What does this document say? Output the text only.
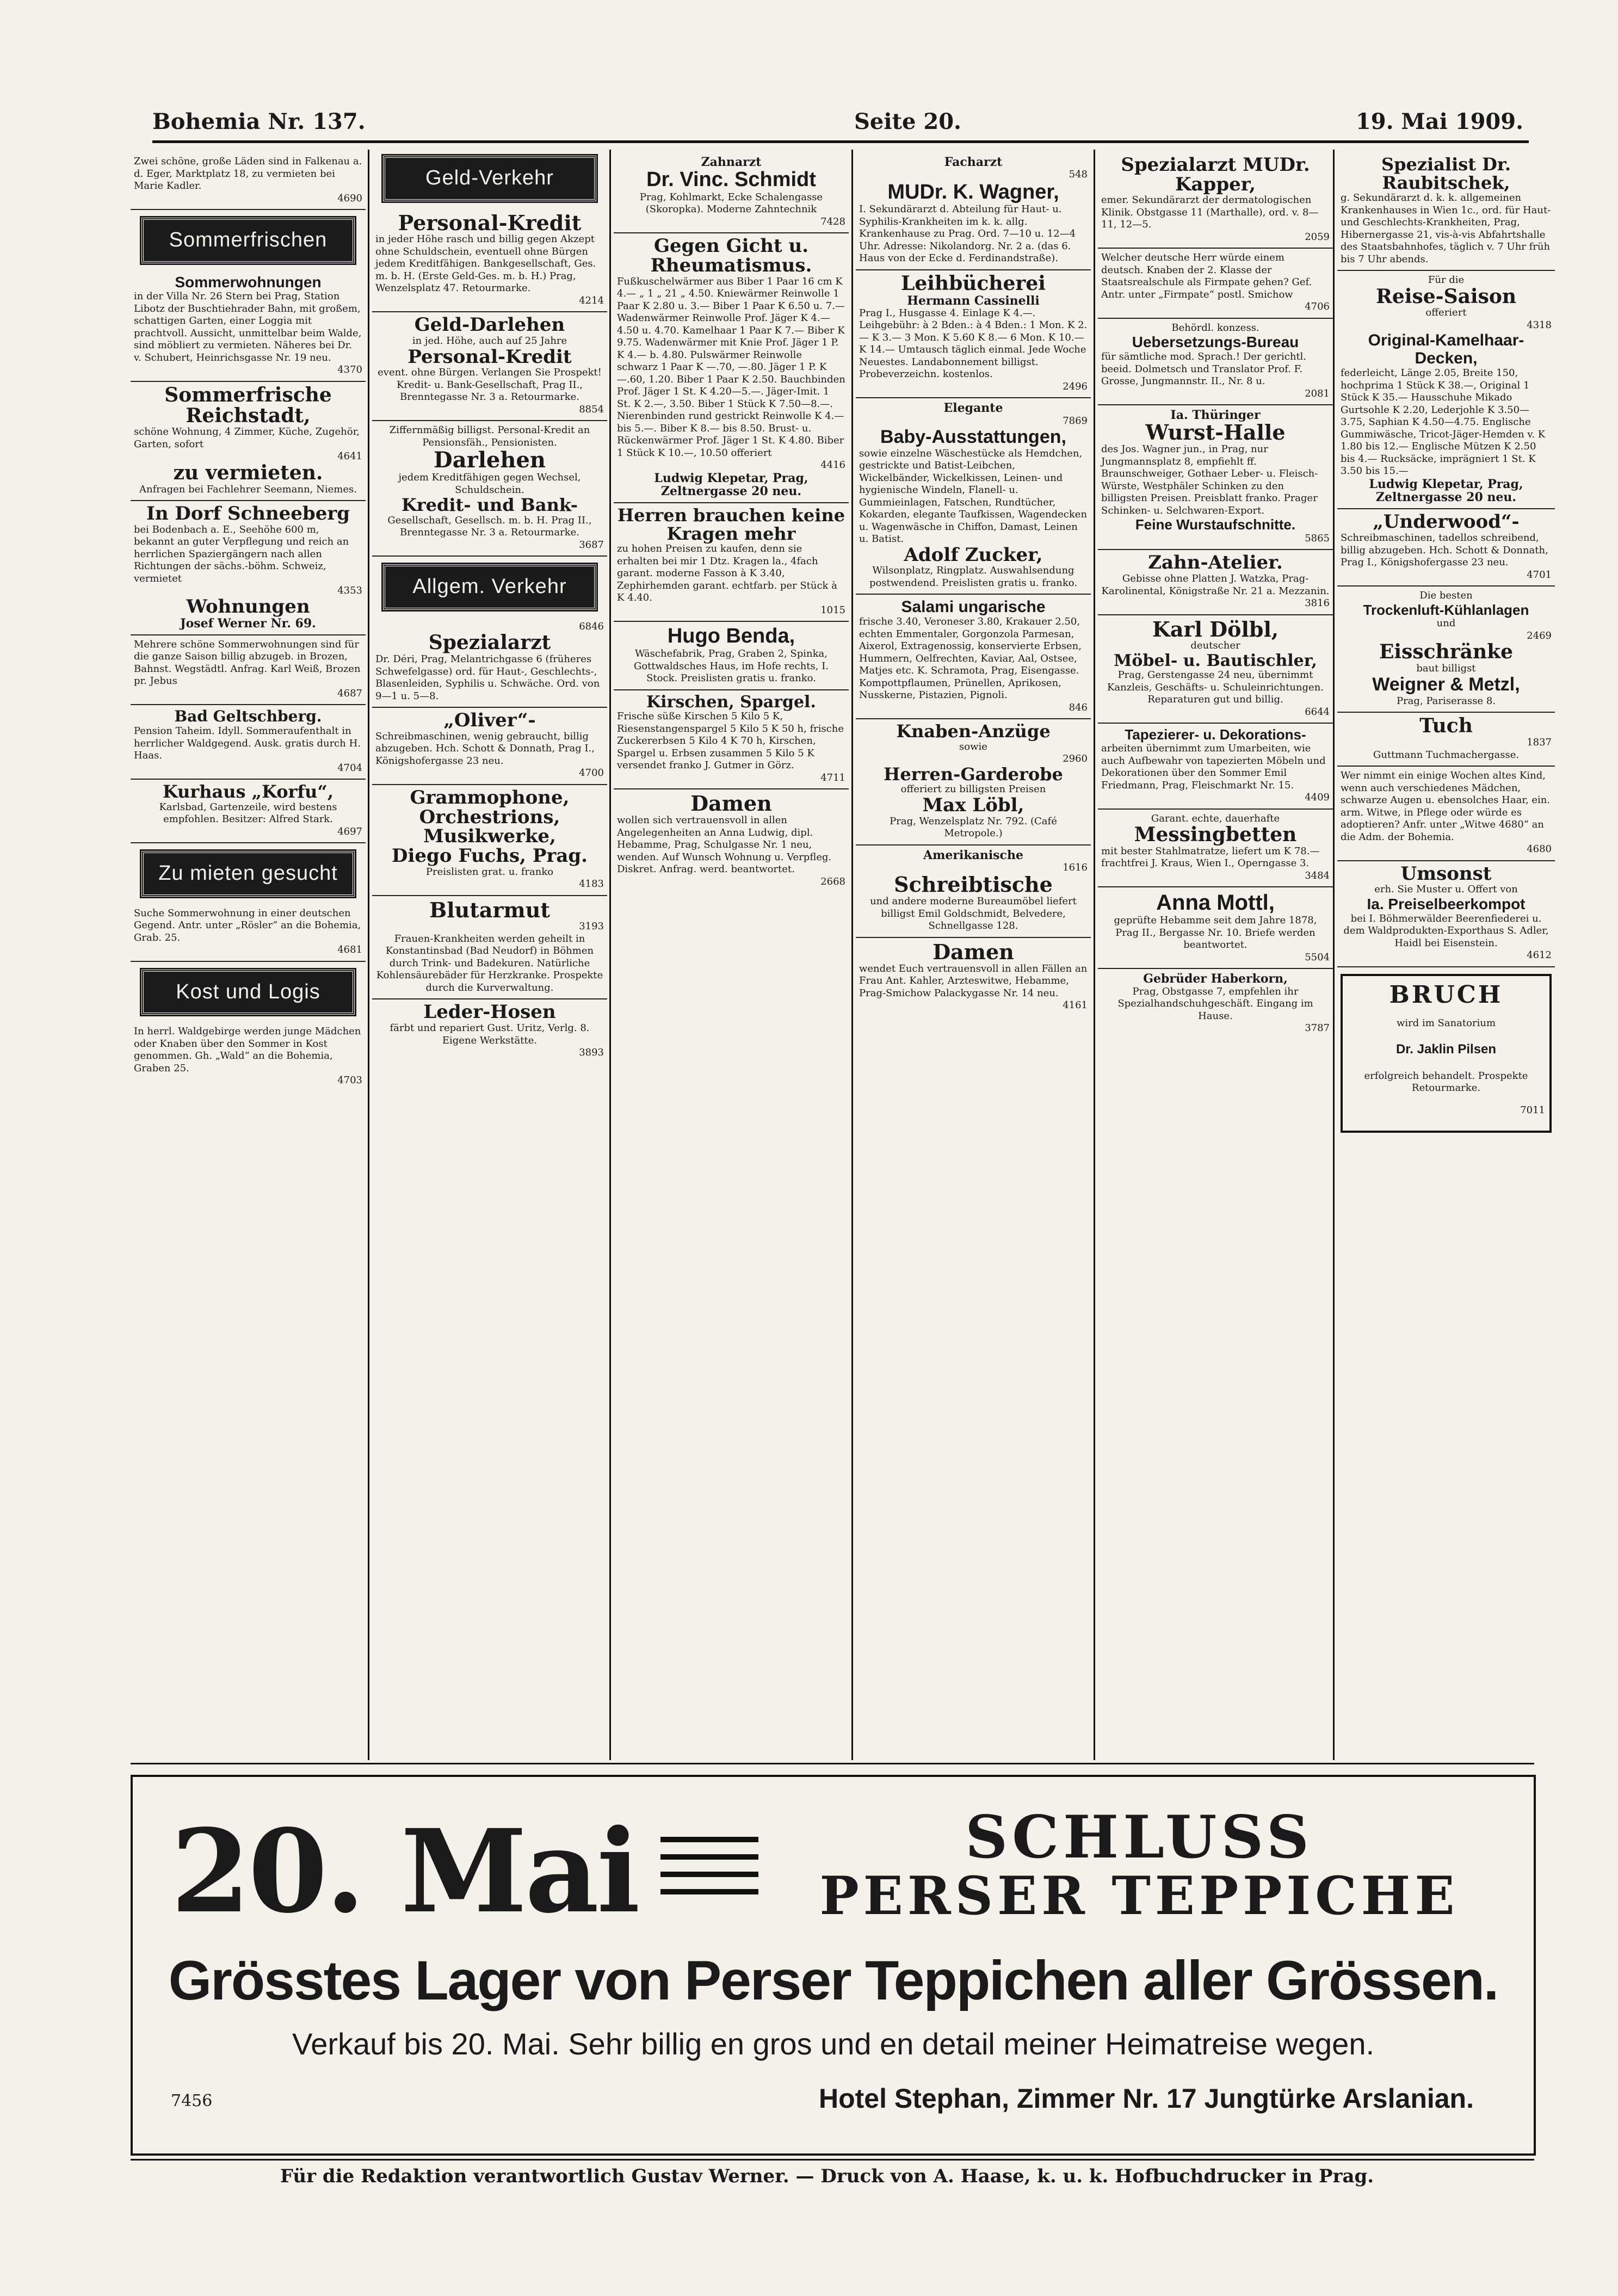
Bohemia Nr. 137.	Seite 20.	19. Mai 1909.

Zwei schöne, große Läden sind in Falkenau a. d. Eger, Marktplatz 18, zu vermieten bei Marie Kadler.

4690

Sommerfrischen

Sommerwohnungen

in der Villa Nr. 26 Stern bei Prag, Station Libotz der Buschtiehrader Bahn, mit großem, schattigen Garten, einer Loggia mit prachtvoll. Aussicht, unmittelbar beim Walde, sind möbliert zu vermieten. Näheres bei Dr. v. Schubert, Heinrichsgasse Nr. 19 neu.

4370

Sommerfrische Reichstadt,

schöne Wohnung, 4 Zimmer, Küche, Zugehör, Garten, sofort

4641

zu vermieten.

Anfragen bei Fachlehrer Seemann, Niemes.

In Dorf Schneeberg

bei Bodenbach a. E., Seehöhe 600 m, bekannt an guter Verpflegung und reich an herrlichen Spaziergängern nach allen Richtungen der sächs.-böhm. Schweiz, vermietet

4353

Wohnungen

Josef Werner Nr. 69.

Mehrere schöne Sommerwohnungen sind für die ganze Saison billig abzugeb. in Brozen, Bahnst. Wegstädtl. Anfrag. Karl Weiß, Brozen pr. Jebus

4687

Bad Geltschberg.

Pension Taheim. Idyll. Sommeraufenthalt in herrlicher Waldgegend. Ausk. gratis durch H. Haas.

4704

Kurhaus „Korfu“,

Karlsbad, Gartenzeile, wird bestens empfohlen. Besitzer: Alfred Stark.

4697

Zu mieten gesucht

Suche Sommerwohnung in einer deutschen Gegend. Antr. unter „Rösler“ an die Bohemia, Grab. 25.

4681

Kost und Logis

In herrl. Waldgebirge werden junge Mädchen oder Knaben über den Sommer in Kost genommen. Gh. „Wald“ an die Bohemia, Graben 25.

4703

Geld-Verkehr

Personal-Kredit

in jeder Höhe rasch und billig gegen Akzept ohne Schuldschein, eventuell ohne Bürgen jedem Kreditfähigen. Bankgesellschaft, Ges. m. b. H. (Erste Geld-Ges. m. b. H.) Prag, Wenzelsplatz 47. Retourmarke.

4214

Geld-Darlehen

in jed. Höhe, auch auf 25 Jahre

Personal-Kredit

event. ohne Bürgen. Verlangen Sie Prospekt! Kredit- u. Bank-Gesellschaft, Prag II., Brenntegasse Nr. 3 a. Retourmarke.

8854

Ziffernmäßig billigst. Personal-Kredit an Pensionsfäh., Pensionisten.

Darlehen

jedem Kreditfähigen gegen Wechsel, Schuldschein.

Kredit- und Bank-

Gesellschaft, Gesellsch. m. b. H. Prag II., Brenntegasse Nr. 3 a. Retourmarke.

3687

Allgem. Verkehr

6846

Spezialarzt

Dr. Déri, Prag, Melantrichgasse 6 (früheres Schwefelgasse) ord. für Haut-, Geschlechts-, Blasenleiden, Syphilis u. Schwäche. Ord. von 9—1 u. 5—8.

„Oliver“-

Schreibmaschinen, wenig gebraucht, billig abzugeben. Hch. Schott & Donnath, Prag I., Königshofergasse 23 neu.

4700

Grammophone, Orchestrions, Musikwerke,

Diego Fuchs, Prag.

Preislisten grat. u. franko

4183

Blutarmut

3193

Frauen-Krankheiten werden geheilt in Konstantinsbad (Bad Neudorf) in Böhmen durch Trink- und Badekuren. Natürliche Kohlensäurebäder für Herzkranke. Prospekte durch die Kurverwaltung.

Leder-Hosen

färbt und repariert Gust. Uritz, Verlg. 8. Eigene Werkstätte.

3893

Zahnarzt

Dr. Vinc. Schmidt

Prag, Kohlmarkt, Ecke Schalengasse (Skoropka). Moderne Zahntechnik

7428

Gegen Gicht u. Rheumatismus.

Fußkuschelwärmer aus Biber 1 Paar 16 cm K 4.— „ 1 „ 21 „ 4.50. Kniewärmer Reinwolle 1 Paar K 2.80 u. 3.— Biber 1 Paar K 6.50 u. 7.— Wadenwärmer Reinwolle Prof. Jäger K 4.— 4.50 u. 4.70. Kamelhaar 1 Paar K 7.— Biber K 9.75. Wadenwärmer mit Knie Prof. Jäger 1 P. K 4.— b. 4.80. Pulswärmer Reinwolle schwarz 1 Paar K —.70, —.80. Jäger 1 P. K —.60, 1.20. Biber 1 Paar K 2.50. Bauchbinden Prof. Jäger 1 St. K 4.20—5.—. Jäger-Imit. 1 St. K 2.—, 3.50. Biber 1 Stück K 7.50—8.—. Nierenbinden rund gestrickt Reinwolle K 4.— bis 5.—. Biber K 8.— bis 8.50. Brust- u. Rückenwärmer Prof. Jäger 1 St. K 4.80. Biber 1 Stück K 10.—, 10.50 offeriert

4416

Ludwig Klepetar, Prag, Zeltnergasse 20 neu.

Herren brauchen keine Kragen mehr

zu hohen Preisen zu kaufen, denn sie erhalten bei mir 1 Dtz. Kragen la., 4fach garant. moderne Fasson à K 3.40, Zephirhemden garant. echtfarb. per Stück à K 4.40.

1015

Hugo Benda,

Wäschefabrik, Prag, Graben 2, Spinka, Gottwaldsches Haus, im Hofe rechts, I. Stock. Preislisten gratis u. franko.

Kirschen, Spargel.

Frische süße Kirschen 5 Kilo 5 K, Riesenstangenspargel 5 Kilo 5 K 50 h, frische Zuckererbsen 5 Kilo 4 K 70 h, Kirschen, Spargel u. Erbsen zusammen 5 Kilo 5 K versendet franko J. Gutmer in Görz.

4711

Damen

wollen sich vertrauensvoll in allen Angelegenheiten an Anna Ludwig, dipl. Hebamme, Prag, Schulgasse Nr. 1 neu, wenden. Auf Wunsch Wohnung u. Verpfleg. Diskret. Anfrag. werd. beantwortet.

2668

Facharzt

548

MUDr. K. Wagner,

I. Sekundärarzt d. Abteilung für Haut- u. Syphilis-Krankheiten im k. k. allg. Krankenhause zu Prag. Ord. 7—10 u. 12—4 Uhr. Adresse: Nikolandorg. Nr. 2 a. (das 6. Haus von der Ecke d. Ferdinandstraße).

Leihbücherei

Hermann Cassinelli

Prag I., Husgasse 4. Einlage K 4.—. Leihgebühr: à 2 Bden.: à 4 Bden.: 1 Mon. K 2.— K 3.— 3 Mon. K 5.60 K 8.— 6 Mon. K 10.— K 14.— Umtausch täglich einmal. Jede Woche Neuestes. Landabonnement billigst. Probeverzeichn. kostenlos.

2496

Elegante

7869

Baby-Ausstattungen,

sowie einzelne Wäschestücke als Hemdchen, gestrickte und Batist-Leibchen, Wickelbänder, Wickelkissen, Leinen- und hygienische Windeln, Flanell- u. Gummieinlagen, Fatschen, Rundtücher, Kokarden, elegante Taufkissen, Wagendecken u. Wagenwäsche in Chiffon, Damast, Leinen u. Batist.

Adolf Zucker,

Wilsonplatz, Ringplatz. Auswahlsendung postwendend. Preislisten gratis u. franko.

Salami ungarische

frische 3.40, Veroneser 3.80, Krakauer 2.50, echten Emmentaler, Gorgonzola Parmesan, Aixerol, Extragenossig, konservierte Erbsen, Hummern, Oelfrechten, Kaviar, Aal, Ostsee, Matjes etc. K. Schramota, Prag, Eisengasse. Kompottpflaumen, Prünellen, Aprikosen, Nusskerne, Pistazien, Pignoli.

846

Knaben-Anzüge

sowie

2960

Herren-Garderobe

offeriert zu billigsten Preisen

Max Löbl,

Prag, Wenzelsplatz Nr. 792. (Café Metropole.)

Amerikanische

1616

Schreibtische

und andere moderne Bureaumöbel liefert billigst Emil Goldschmidt, Belvedere, Schnellgasse 128.

Damen

wendet Euch vertrauensvoll in allen Fällen an Frau Ant. Kahler, Arzteswitwe, Hebamme, Prag-Smichow Palackygasse Nr. 14 neu.

4161

Spezialarzt MUDr. Kapper,

emer. Sekundärarzt der dermatologischen Klinik. Obstgasse 11 (Marthalle), ord. v. 8—11, 12—5.

2059

Welcher deutsche Herr würde einem deutsch. Knaben der 2. Klasse der Staatsrealschule als Firmpate gehen? Gef. Antr. unter „Firmpate“ postl. Smichow

4706

Behördl. konzess.

Uebersetzungs-Bureau

für sämtliche mod. Sprach.! Der gerichtl. beeid. Dolmetsch und Translator Prof. F. Grosse, Jungmannstr. II., Nr. 8 u.

2081

Ia. Thüringer

Wurst-Halle

des Jos. Wagner jun., in Prag, nur Jungmannsplatz 8, empfiehlt ff. Braunschweiger, Gothaer Leber- u. Fleisch-Würste, Westphäler Schinken zu den billigsten Preisen. Preisblatt franko. Prager Schinken- u. Selchwaren-Export.

Feine Wurstaufschnitte.

5865

Zahn-Atelier.

Gebisse ohne Platten J. Watzka, Prag-Karolinental, Königstraße Nr. 21 a. Mezzanin.

3816

Karl Dölbl,

deutscher

Möbel- u. Bautischler,

Prag, Gerstengasse 24 neu, übernimmt Kanzleis, Geschäfts- u. Schuleinrichtungen. Reparaturen gut und billig.

6644

Tapezierer- u. Dekorations-

arbeiten übernimmt zum Umarbeiten, wie auch Aufbewahr von tapezierten Möbeln und Dekorationen über den Sommer Emil Friedmann, Prag, Fleischmarkt Nr. 15.

4409

Garant. echte, dauerhafte

Messingbetten

mit bester Stahlmatratze, liefert um K 78.— frachtfrei J. Kraus, Wien I., Operngasse 3.

3484

Anna Mottl,

geprüfte Hebamme seit dem Jahre 1878, Prag II., Bergasse Nr. 10. Briefe werden beantwortet.

5504

Gebrüder Haberkorn,

Prag, Obstgasse 7, empfehlen ihr Spezialhandschuhgeschäft. Eingang im Hause.

3787

Spezialist Dr. Raubitschek,

g. Sekundärarzt d. k. k. allgemeinen Krankenhauses in Wien 1c., ord. für Haut- und Geschlechts-Krankheiten, Prag, Hibernergasse 21, vis-à-vis Abfahrtshalle des Staatsbahnhofes, täglich v. 7 Uhr früh bis 7 Uhr abends.

Für die

Reise-Saison

offeriert

4318

Original-Kamelhaar-Decken,

federleicht, Länge 2.05, Breite 150, hochprima 1 Stück K 38.—, Original 1 Stück K 35.— Hausschuhe Mikado Gurtsohle K 2.20, Lederjohle K 3.50—3.75, Saphian K 4.50—4.75. Englische Gummiwäsche, Tricot-Jäger-Hemden v. K 1.80 bis 12.— Englische Mützen K 2.50 bis 4.— Rucksäcke, imprägniert 1 St. K 3.50 bis 15.—

Ludwig Klepetar, Prag, Zeltnergasse 20 neu.

„Underwood“-

Schreibmaschinen, tadellos schreibend, billig abzugeben. Hch. Schott & Donnath, Prag I., Königshofergasse 23 neu.

4701

Die besten

Trockenluft-Kühlanlagen

und

2469

Eisschränke

baut billigst

Weigner & Metzl,

Prag, Pariserasse 8.

Tuch

1837

Guttmann Tuchmachergasse.

Wer nimmt ein einige Wochen altes Kind, wenn auch verschiedenes Mädchen, schwarze Augen u. ebensolches Haar, ein. arm. Witwe, in Pflege oder würde es adoptieren? Anfr. unter „Witwe 4680“ an die Adm. der Bohemia.

4680

Umsonst

erh. Sie Muster u. Offert von

Ia. Preiselbeerkompot

bei I. Böhmerwälder Beerenfiederei u. dem Waldprodukten-Exporthaus S. Adler, Haidl bei Eisenstein.

4612

BRUCH

wird im Sanatorium

Dr. Jaklin Pilsen

erfolgreich behandelt. Prospekte Retourmarke.

7011

20. Mai	SCHLUSS
PERSER TEPPICHE
Grösstes Lager von Perser Teppichen aller Grössen.
Verkauf bis 20. Mai. Sehr billig en gros und en detail meiner Heimatreise wegen.
7456	Hotel Stephan, Zimmer Nr. 17 Jungtürke Arslanian.
Für die Redaktion verantwortlich Gustav Werner. — Druck von A. Haase, k. u. k. Hofbuchdrucker in Prag.
